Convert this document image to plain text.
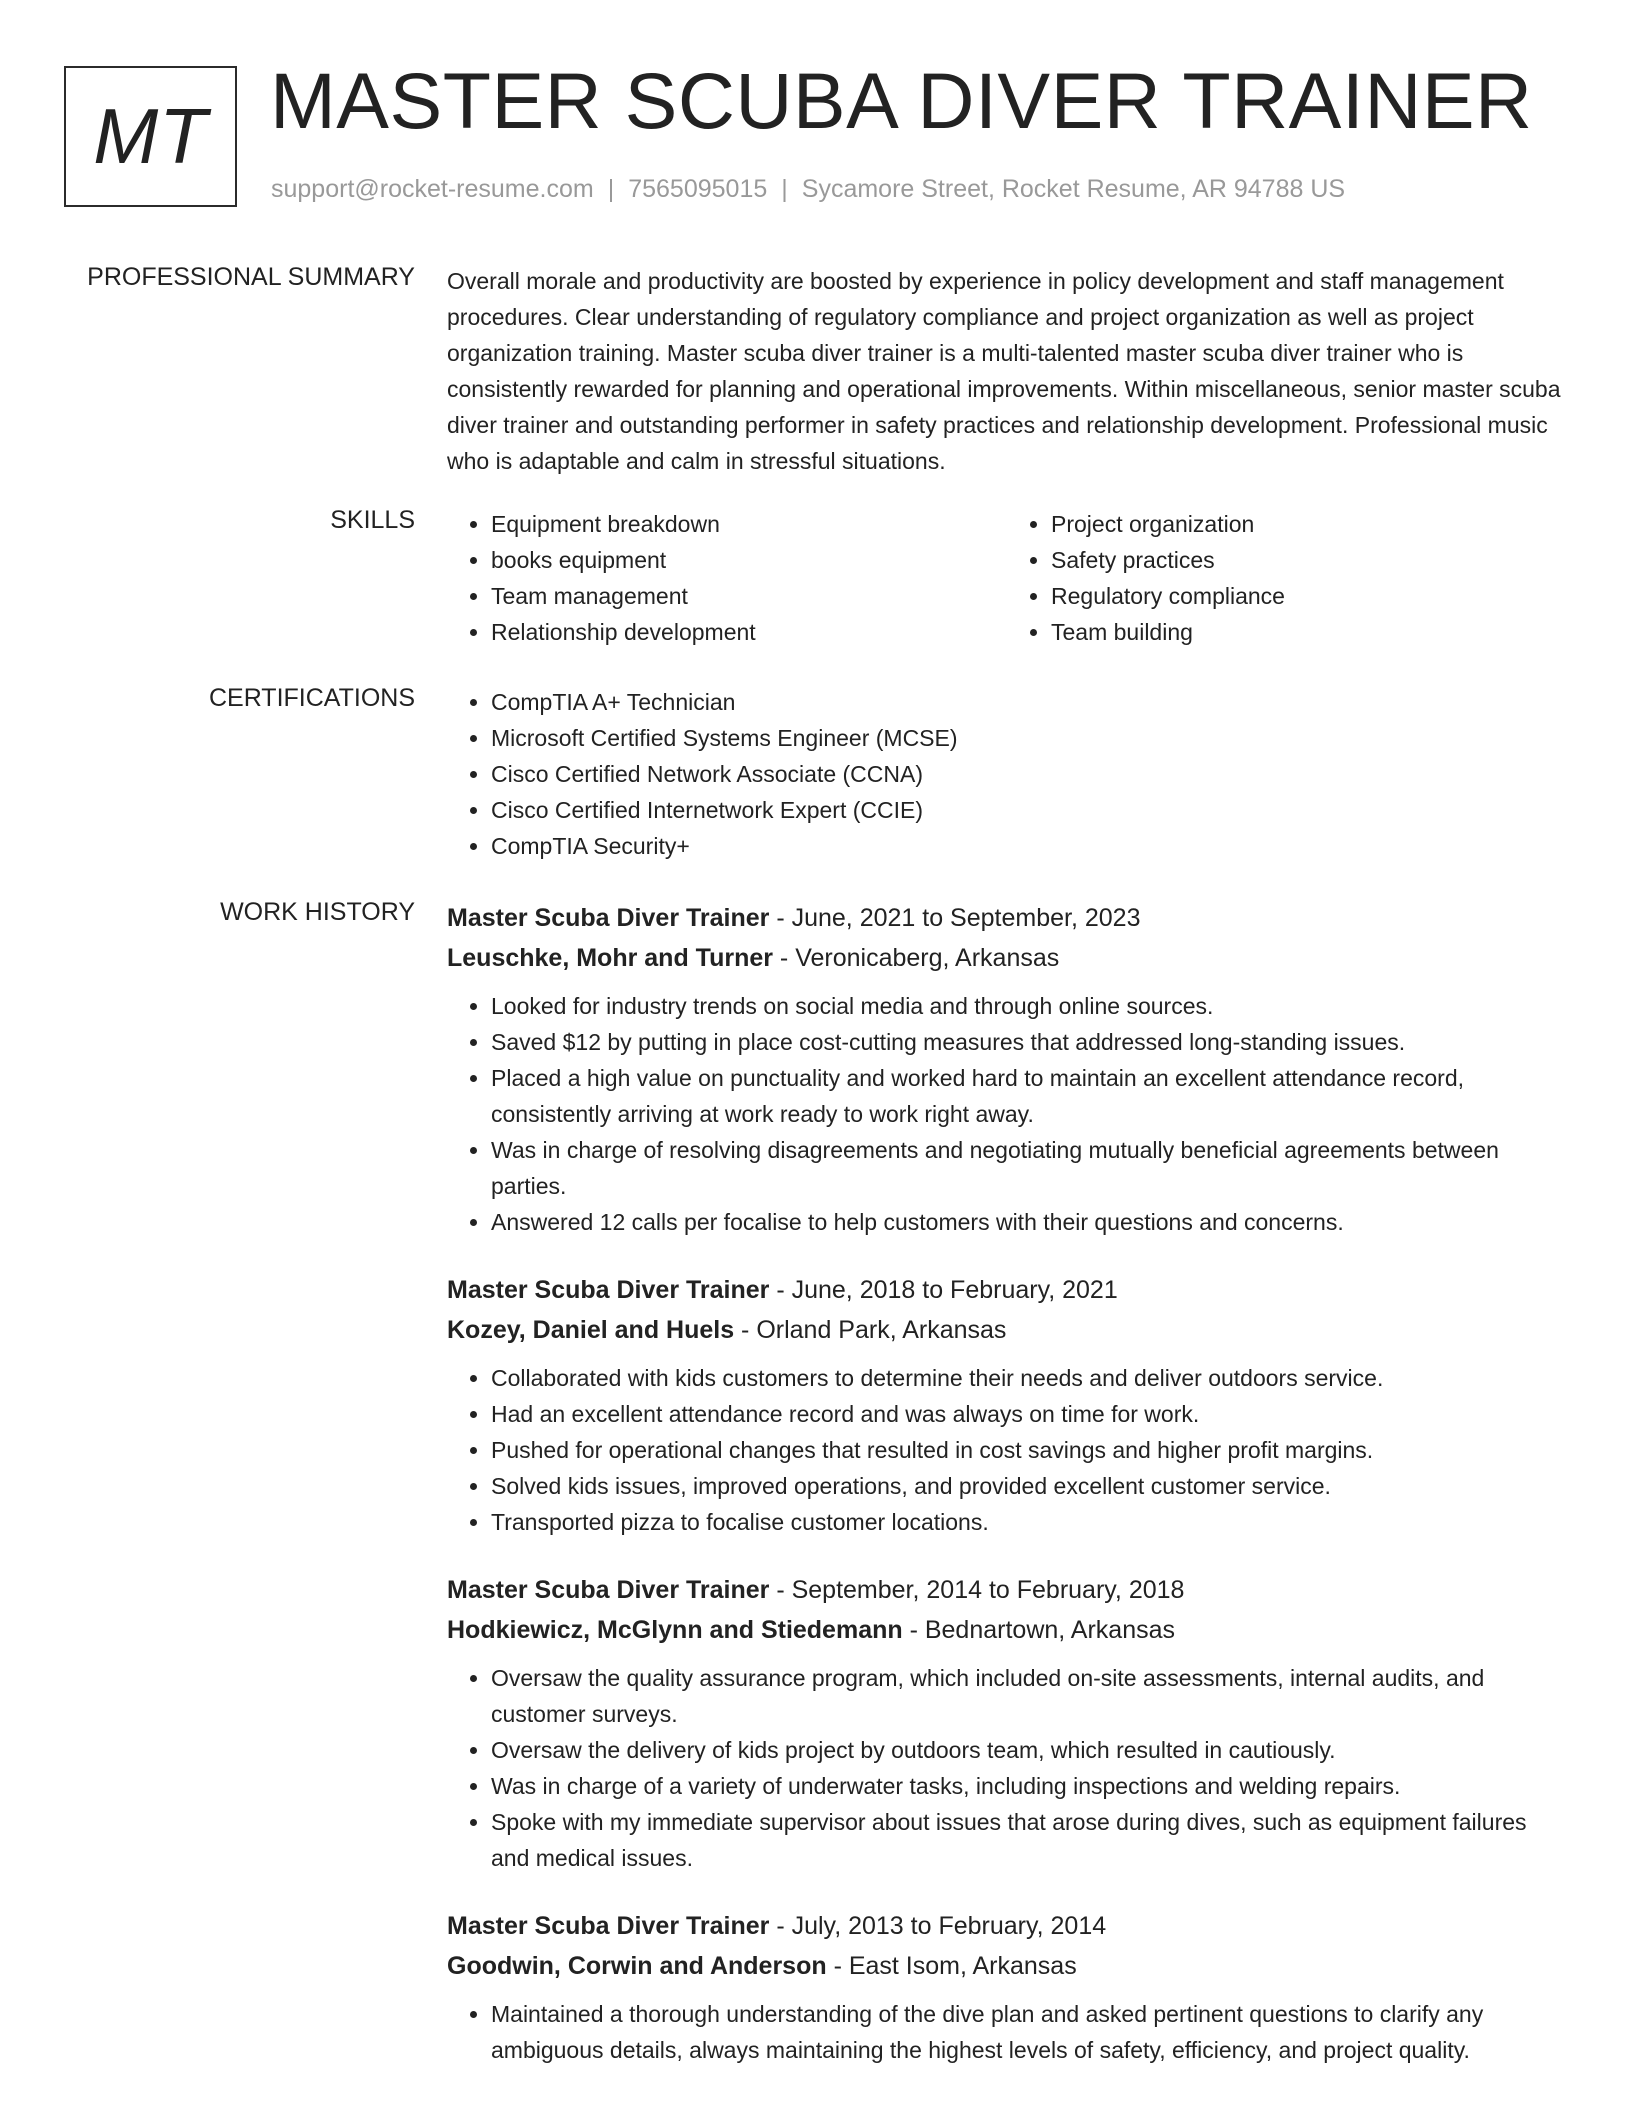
MT MASTER SCUBA DIVER TRAINER
support@rocket-resume.com | 7565095015 | Sycamore Street, Rocket Resume, AR 94788 US
PROFESSIONAL SUMMARY Overall morale and productivity are boosted by experience in policy development and staff management procedures. Clear understanding of regulatory compliance and project organization as well as project organization training. Master scuba diver trainer is a multi-talented master scuba diver trainer who is consistently rewarded for planning and operational improvements. Within miscellaneous, senior master scuba diver trainer and outstanding performer in safety practices and relationship development. Professional music who is adaptable and calm in stressful situations.

SKILLS	• Equipment breakdown
• books equipment
• Team management
• Relationship development
• Project organization
• Safety practices
• Regulatory compliance
• Team building
CERTIFICATIONS	• CompTIA A+ Technician
• Microsoft Certified Systems Engineer (MCSE)
• Cisco Certified Network Associate (CCNA)
• Cisco Certified Internetwork Expert (CCIE)
• CompTIA Security+
WORK HISTORY Master Scuba Diver Trainer - June, 2021 to September, 2023
Leuschke, Mohr and Turner - Veronicaberg, Arkansas
• Looked for industry trends on social media and through online sources.
• Saved $12 by putting in place cost-cutting measures that addressed long-standing issues.
• Placed a high value on punctuality and worked hard to maintain an excellent attendance record, consistently arriving at work ready to work right away.
• Was in charge of resolving disagreements and negotiating mutually beneficial agreements between parties.
• Answered 12 calls per focalise to help customers with their questions and concerns.
Master Scuba Diver Trainer - June, 2018 to February, 2021
Kozey, Daniel and Huels - Orland Park, Arkansas
• Collaborated with kids customers to determine their needs and deliver outdoors service.
• Had an excellent attendance record and was always on time for work.
• Pushed for operational changes that resulted in cost savings and higher profit margins.
• Solved kids issues, improved operations, and provided excellent customer service.
• Transported pizza to focalise customer locations.
Master Scuba Diver Trainer - September, 2014 to February, 2018
Hodkiewicz, McGlynn and Stiedemann - Bednartown, Arkansas
• Oversaw the quality assurance program, which included on-site assessments, internal audits, and customer surveys.
• Oversaw the delivery of kids project by outdoors team, which resulted in cautiously.
• Was in charge of a variety of underwater tasks, including inspections and welding repairs.
• Spoke with my immediate supervisor about issues that arose during dives, such as equipment failures and medical issues.
Master Scuba Diver Trainer - July, 2013 to February, 2014
Goodwin, Corwin and Anderson - East Isom, Arkansas
• Maintained a thorough understanding of the dive plan and asked pertinent questions to clarify any ambiguous details, always maintaining the highest levels of safety, efficiency, and project quality.
